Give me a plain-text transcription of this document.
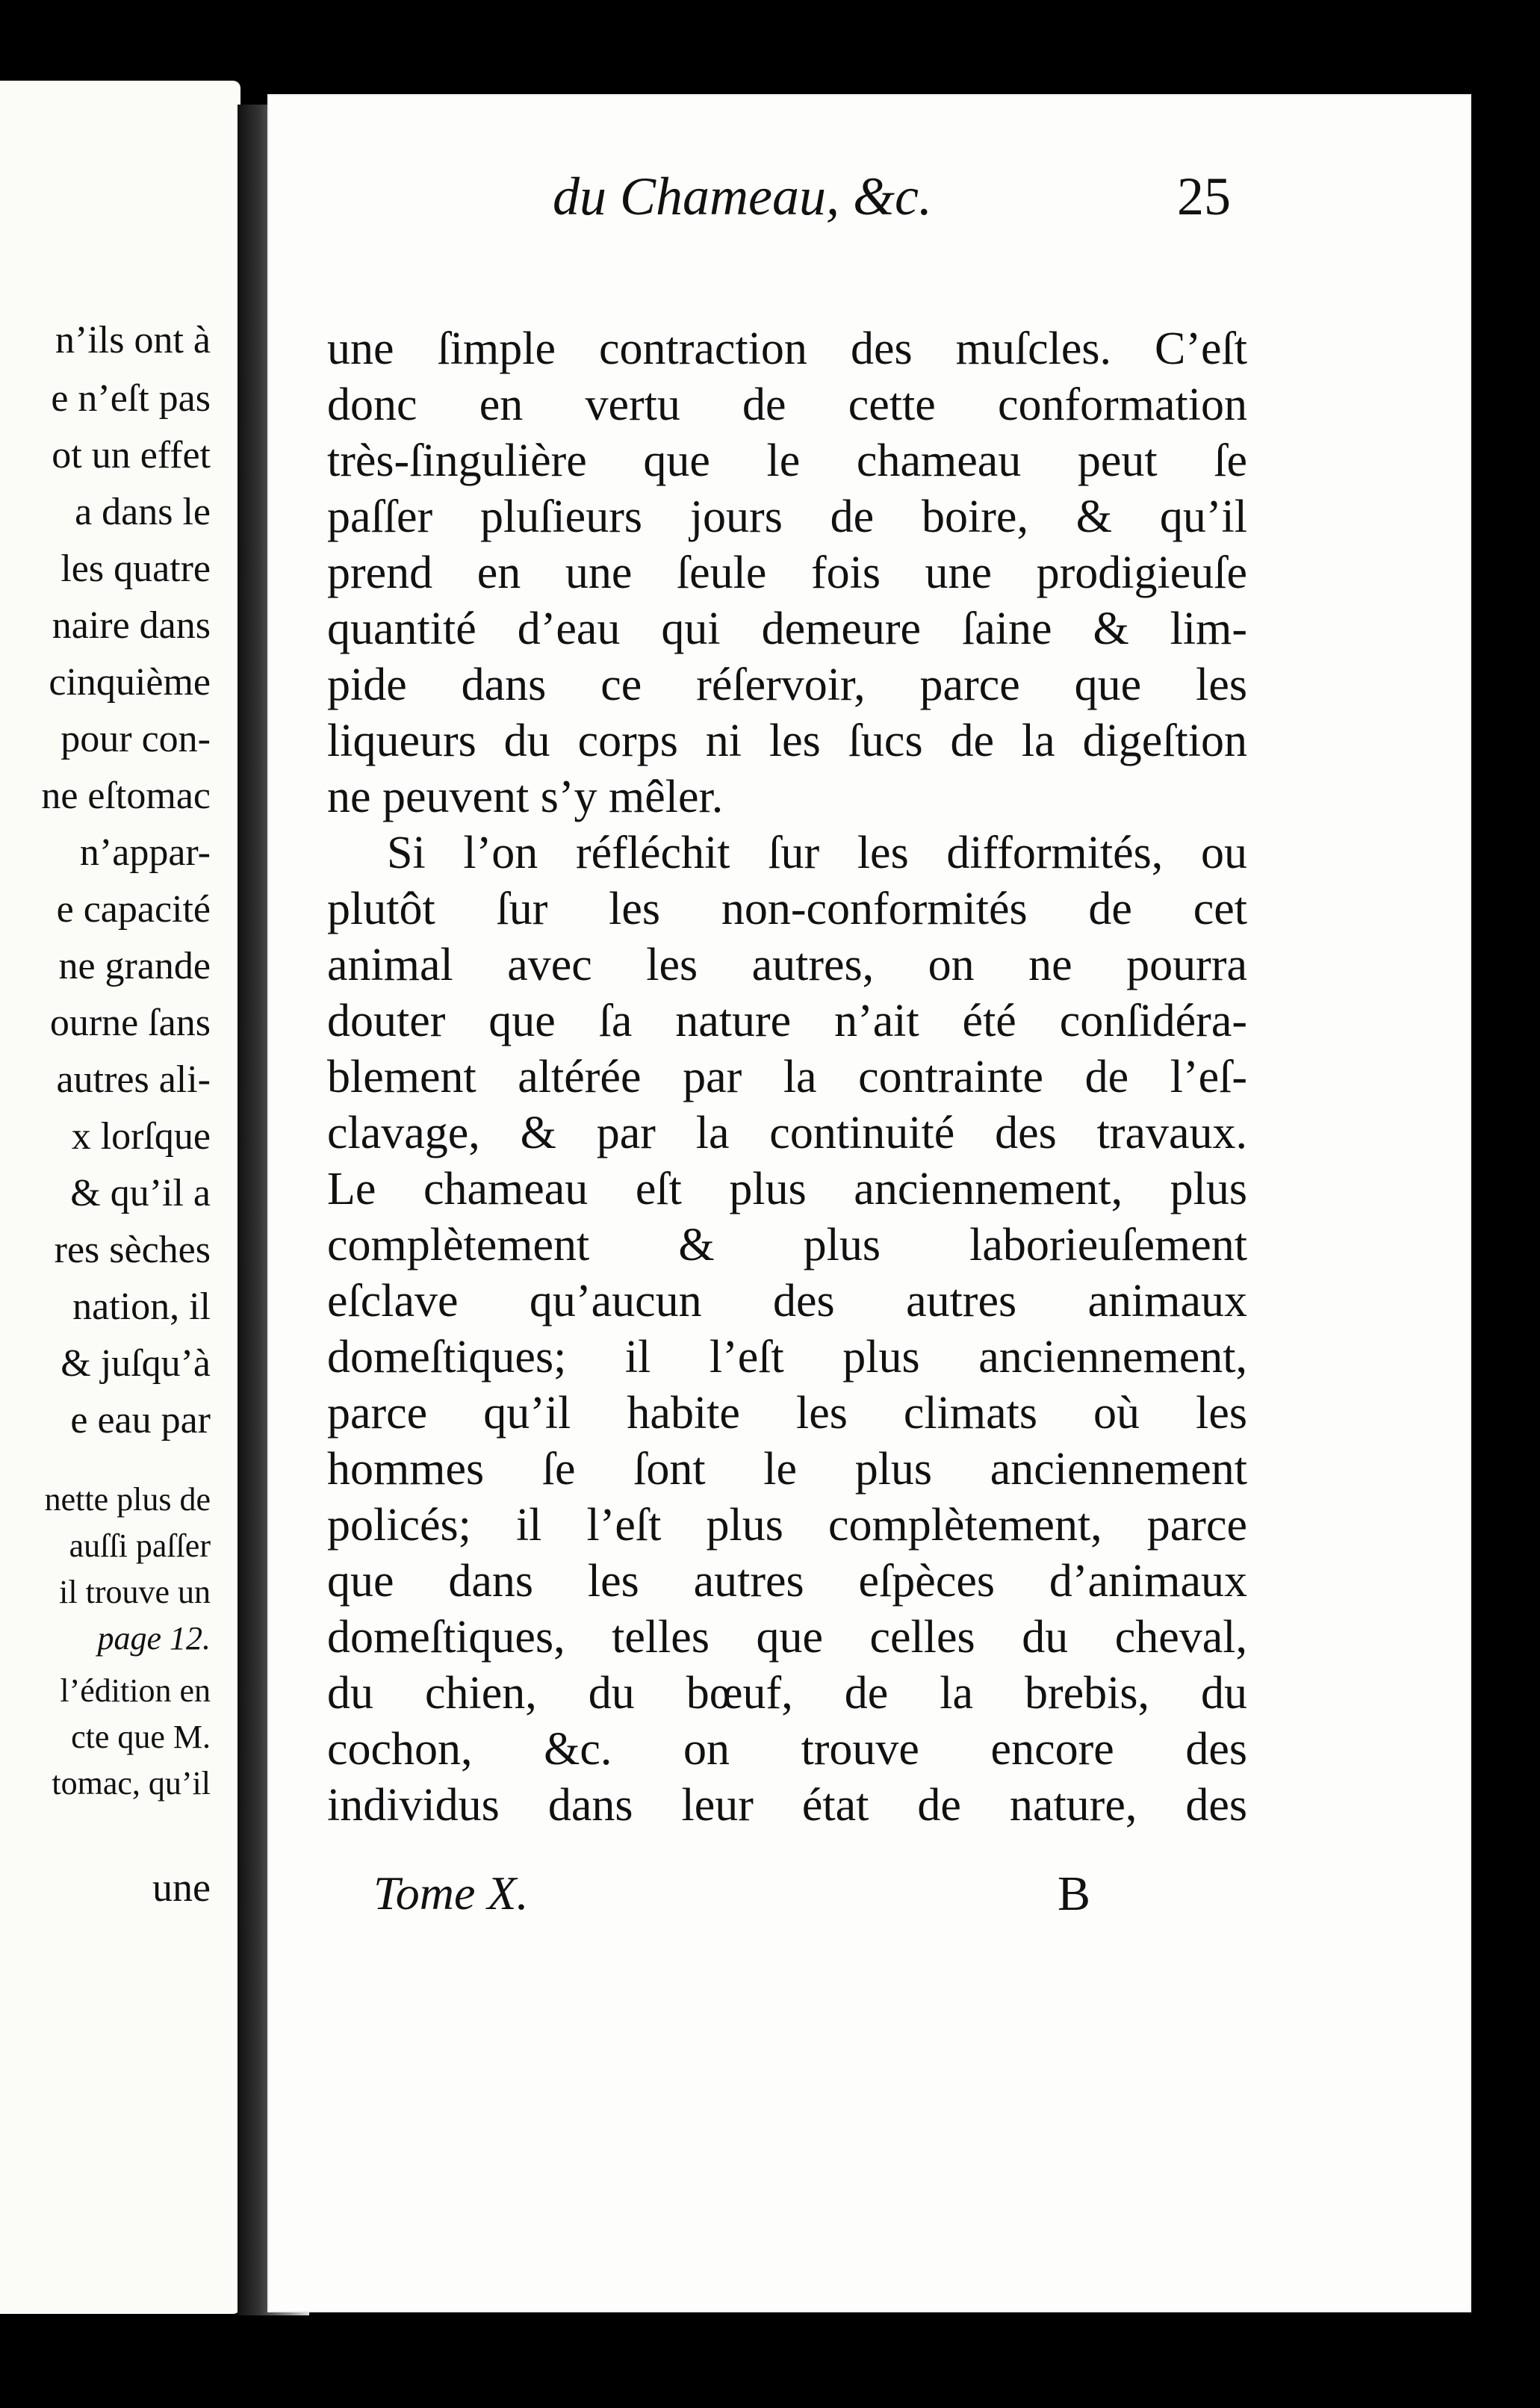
n’ils ont à
e n’eſt pas
ot un effet
a dans le
les quatre
naire dans
cinquième
pour con-
ne eſtomac
n’appar-
e capacité
ne grande
ourne ſans
autres ali-
x lorſque
& qu’il a
res sèches
nation, il
& juſqu’à
e eau par
nette plus de
auſſi paſſer
il trouve un
page 12.
l’édition en
cte que M.
tomac, qu’il
une
du Chameau, &c.	25
une ſimple contraction des muſcles. C’eſt
donc en vertu de cette conformation
très-ſingulière que le chameau peut ſe
paſſer pluſieurs jours de boire, & qu’il
prend en une ſeule fois une prodigieuſe
quantité d’eau qui demeure ſaine & lim-
pide dans ce réſervoir, parce que les
liqueurs du corps ni les ſucs de la digeſtion
ne peuvent s’y mêler.
Si l’on réfléchit ſur les difformités, ou
plutôt ſur les non-conformités de cet
animal avec les autres, on ne pourra
douter que ſa nature n’ait été conſidéra-
blement altérée par la contrainte de l’eſ-
clavage, & par la continuité des travaux.
Le chameau eſt plus anciennement, plus
complètement & plus laborieuſement
eſclave qu’aucun des autres animaux
domeſtiques; il l’eſt plus anciennement,
parce qu’il habite les climats où les
hommes ſe ſont le plus anciennement
policés; il l’eſt plus complètement, parce
que dans les autres eſpèces d’animaux
domeſtiques, telles que celles du cheval,
du chien, du bœuf, de la brebis, du
cochon, &c. on trouve encore des
individus dans leur état de nature, des
Tome X.	B
